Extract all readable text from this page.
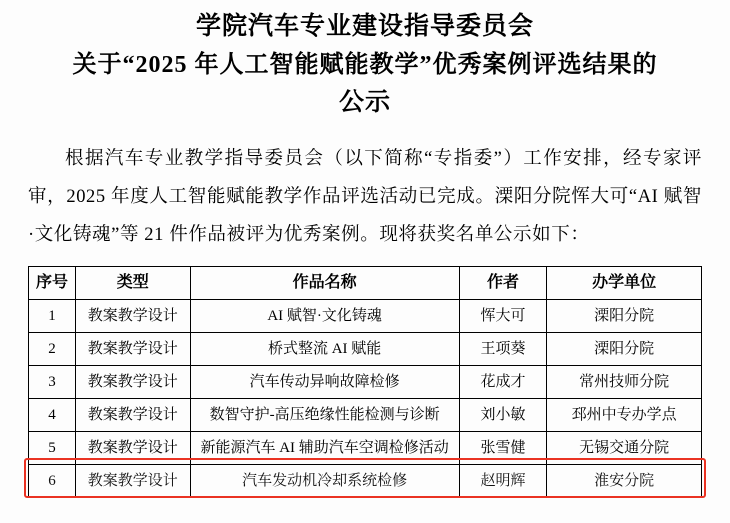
学院汽车专业建设指导委员会
关于“2025 年人工智能赋能教学”优秀案例评选结果的
公示

根据汽车专业教学指导委员会（以下简称“专指委”）工作安排，经专家评审，2025 年度人工智能赋能教学作品评选活动已完成。溧阳分院恽大可“AI 赋智·文化铸魂”等 21 件作品被评为优秀案例。现将获奖名单公示如下：

序号	类型	作品名称	作者	办学单位
1	教案教学设计	AI 赋智·文化铸魂	恽大可	溧阳分院
2	教案教学设计	桥式整流 AI 赋能	王项葵	溧阳分院
3	教案教学设计	汽车传动异响故障检修	花成才	常州技师分院
4	教案教学设计	数智守护-高压绝缘性能检测与诊断	刘小敏	邳州中专办学点
5	教案教学设计	新能源汽车 AI 辅助汽车空调检修活动	张雪健	无锡交通分院
6	教案教学设计	汽车发动机冷却系统检修	赵明辉	淮安分院
